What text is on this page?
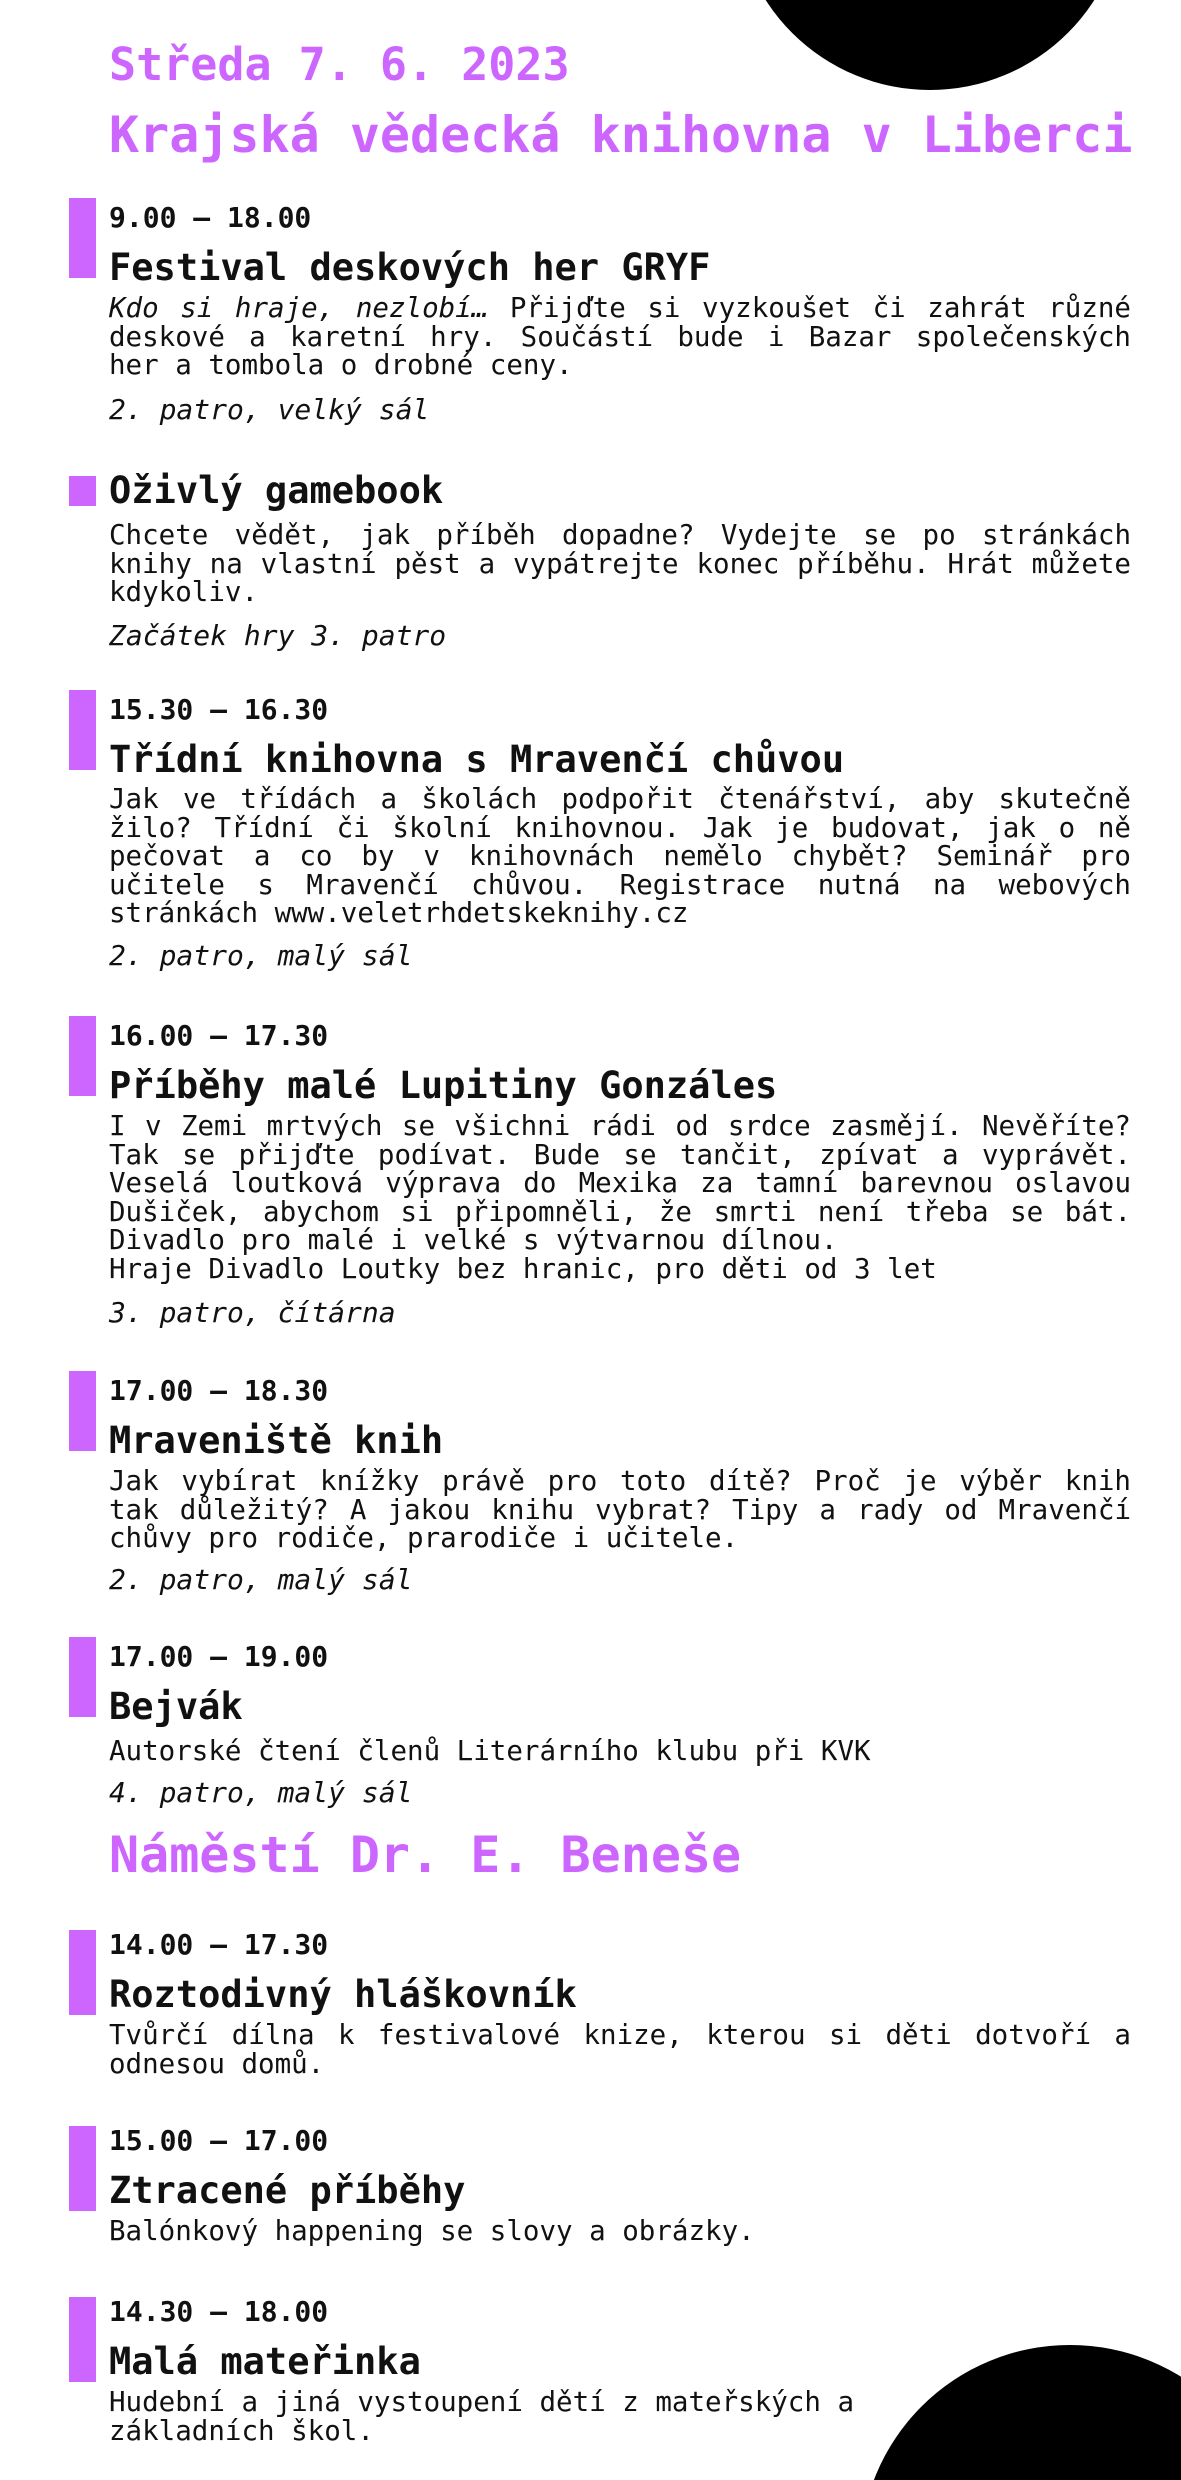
Středa 7. 6. 2023
Krajská vědecká knihovna v Liberci
9.00 – 18.00
Festival deskových her GRYF
Kdo si hraje, nezlobí… Přijďte si vyzkoušet či zahrát různé deskové a karetní hry. Součástí bude i Bazar společenských her a tombola o drobné ceny.
2. patro, velký sál
Oživlý gamebook
Chcete vědět, jak příběh dopadne? Vydejte se po stránkách knihy na vlastní pěst a vypátrejte konec příběhu. Hrát můžete kdykoliv.
Začátek hry 3. patro
15.30 – 16.30
Třídní knihovna s Mravenčí chůvou
Jak ve třídách a školách podpořit čtenářství, aby skutečně žilo? Třídní či školní knihovnou. Jak je budovat, jak o ně pečovat a co by v knihovnách nemělo chybět? Seminář pro učitele s Mravenčí chůvou. Registrace nutná na webových stránkách www.veletrhdetskeknihy.cz
2. patro, malý sál
16.00 – 17.30
Příběhy malé Lupitiny Gonzáles
I v Zemi mrtvých se všichni rádi od srdce zasmějí. Nevěříte? Tak se přijďte podívat. Bude se tančit, zpívat a vyprávět. Veselá loutková výprava do Mexika za tamní barevnou oslavou Dušiček, abychom si připomněli, že smrti není třeba se bát. Divadlo pro malé i velké s výtvarnou dílnou.
Hraje Divadlo Loutky bez hranic, pro děti od 3 let
3. patro, čítárna
17.00 – 18.30
Mraveniště knih
Jak vybírat knížky právě pro toto dítě? Proč je výběr knih tak důležitý? A jakou knihu vybrat? Tipy a rady od Mravenčí chůvy pro rodiče, prarodiče i učitele.
2. patro, malý sál
17.00 – 19.00
Bejvák
Autorské čtení členů Literárního klubu při KVK
4. patro, malý sál
Náměstí Dr. E. Beneše
14.00 – 17.30
Roztodivný hláškovník
Tvůrčí dílna k festivalové knize, kterou si děti dotvoří a odnesou domů.
15.00 – 17.00
Ztracené příběhy
Balónkový happening se slovy a obrázky.
14.30 – 18.00
Malá mateřinka
Hudební a jiná vystoupení dětí z mateřských a základních škol.
